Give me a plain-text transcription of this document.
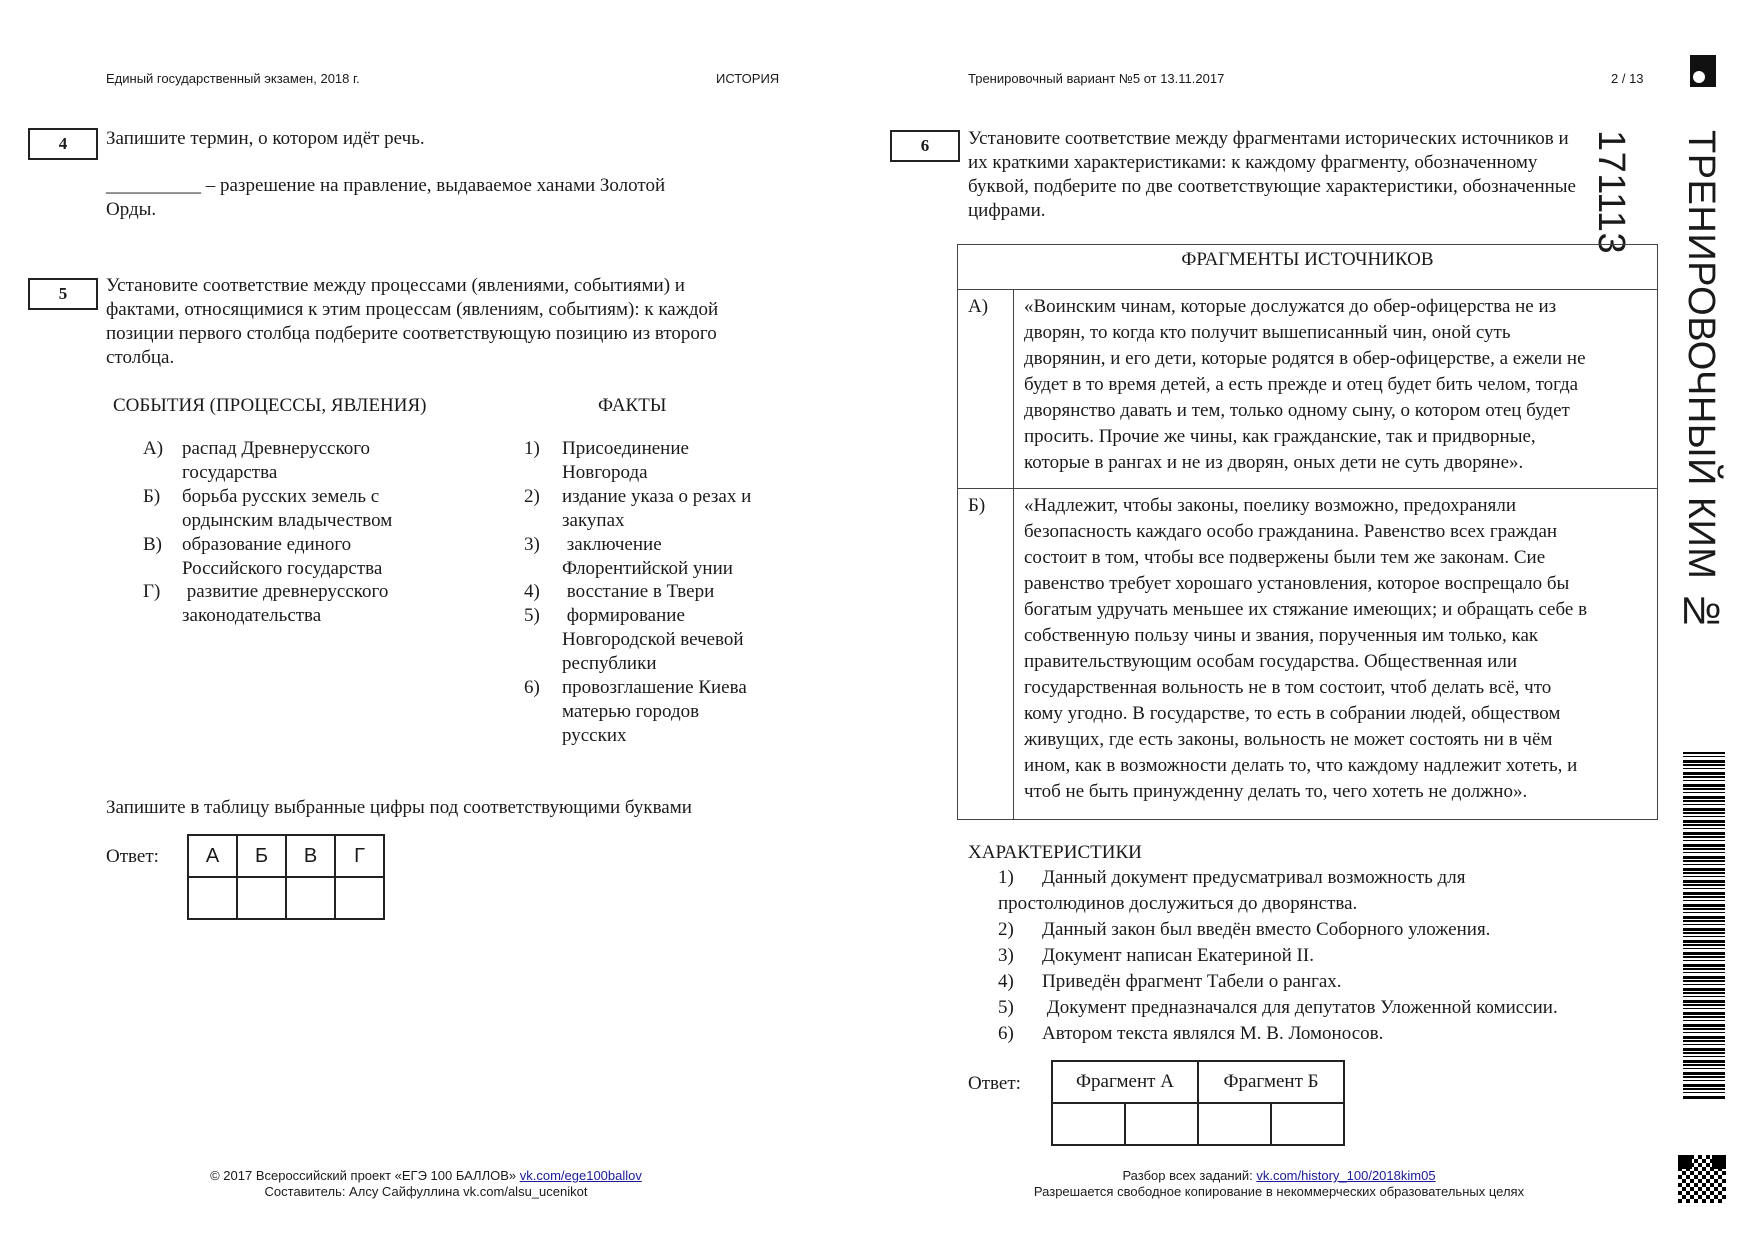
Единый государственный экзамен, 2018 г.	ИСТОРИЯ	Тренировочный вариант №5 от 13.11.2017	2 / 13
ТРЕНИРОВОЧНЫЙ КИМ № 171113
4	Запишите термин, о котором идёт речь.
__________ – разрешение на правление, выдаваемое ханами Золотой
Орды.
5	Установите соответствие между процессами (явлениями, событиями) и
фактами, относящимися к этим процессам (явлениям, событиям): к каждой
позиции первого столбца подберите соответствующую позицию из второго
столбца.
СОБЫТИЯ (ПРОЦЕССЫ, ЯВЛЕНИЯ)	ФАКТЫ
А) распад Древнерусского
государства
Б) борьба русских земель с
ордынским владычеством
В) образование единого
Российского государства
Г) развитие древнерусского
законодательства
1) Присоединение
Новгорода
2) издание указа о резах и
закупах
3) заключение
Флорентийской унии
4) восстание в Твери
5) формирование
Новгородской вечевой
республики
6) провозглашение Киева
матерью городов
русских
Запишите в таблицу выбранные цифры под соответствующими буквами
Ответ: А	Б	В	Г

6	Установите соответствие между фрагментами исторических источников и
их краткими характеристиками: к каждому фрагменту, обозначенному
буквой, подберите по две соответствующие характеристики, обозначенные
цифрами.
ФРАГМЕНТЫ ИСТОЧНИКОВ
А)	«Воинским чинам, которые дослужатся до обер-офицерства не из
дворян, то когда кто получит вышеписанный чин, оной суть
дворянин, и его дети, которые родятся в обер-офицерстве, а ежели не
будет в то время детей, а есть прежде и отец будет бить челом, тогда
дворянство давать и тем, только одному сыну, о котором отец будет
просить. Прочие же чины, как гражданские, так и придворные,
которые в рангах и не из дворян, оных дети не суть дворяне».
Б)	«Надлежит, чтобы законы, поелику возможно, предохраняли
безопасность каждаго особо гражданина. Равенство всех граждан
состоит в том, чтобы все подвержены были тем же законам. Сие
равенство требует хорошаго установления, которое воспрещало бы
богатым удручать меньшее их стяжание имеющих; и обращать себе в
собственную пользу чины и звания, порученныя им только, как
правительствующим особам государства. Общественная или
государственная вольность не в том состоит, чтоб делать всё, что
кому угодно. В государстве, то есть в собрании людей, обществом
живущих, где есть законы, вольность не может состоять ни в чём
ином, как в возможности делать то, что каждому надлежит хотеть, и
чтоб не быть принужденну делать то, чего хотеть не должно».
ХАРАКТЕРИСТИКИ
1) Данный документ предусматривал возможность для
простолюдинов дослужиться до дворянства.
2) Данный закон был введён вместо Соборного уложения.
3) Документ написан Екатериной II.
4) Приведён фрагмент Табели о рангах.
5) Документ предназначался для депутатов Уложенной комиссии.
6) Автором текста являлся М. В. Ломоносов.
Ответ:	Фрагмент А		Фрагмент Б	

© 2017 Всероссийский проект «ЕГЭ 100 БАЛЛОВ» vk.com/ege100ballov
Составитель: Алсу Сайфуллина vk.com/alsu_ucenikot
Разбор всех заданий: vk.com/history_100/2018kim05
Разрешается свободное копирование в некоммерческих образовательных целях
